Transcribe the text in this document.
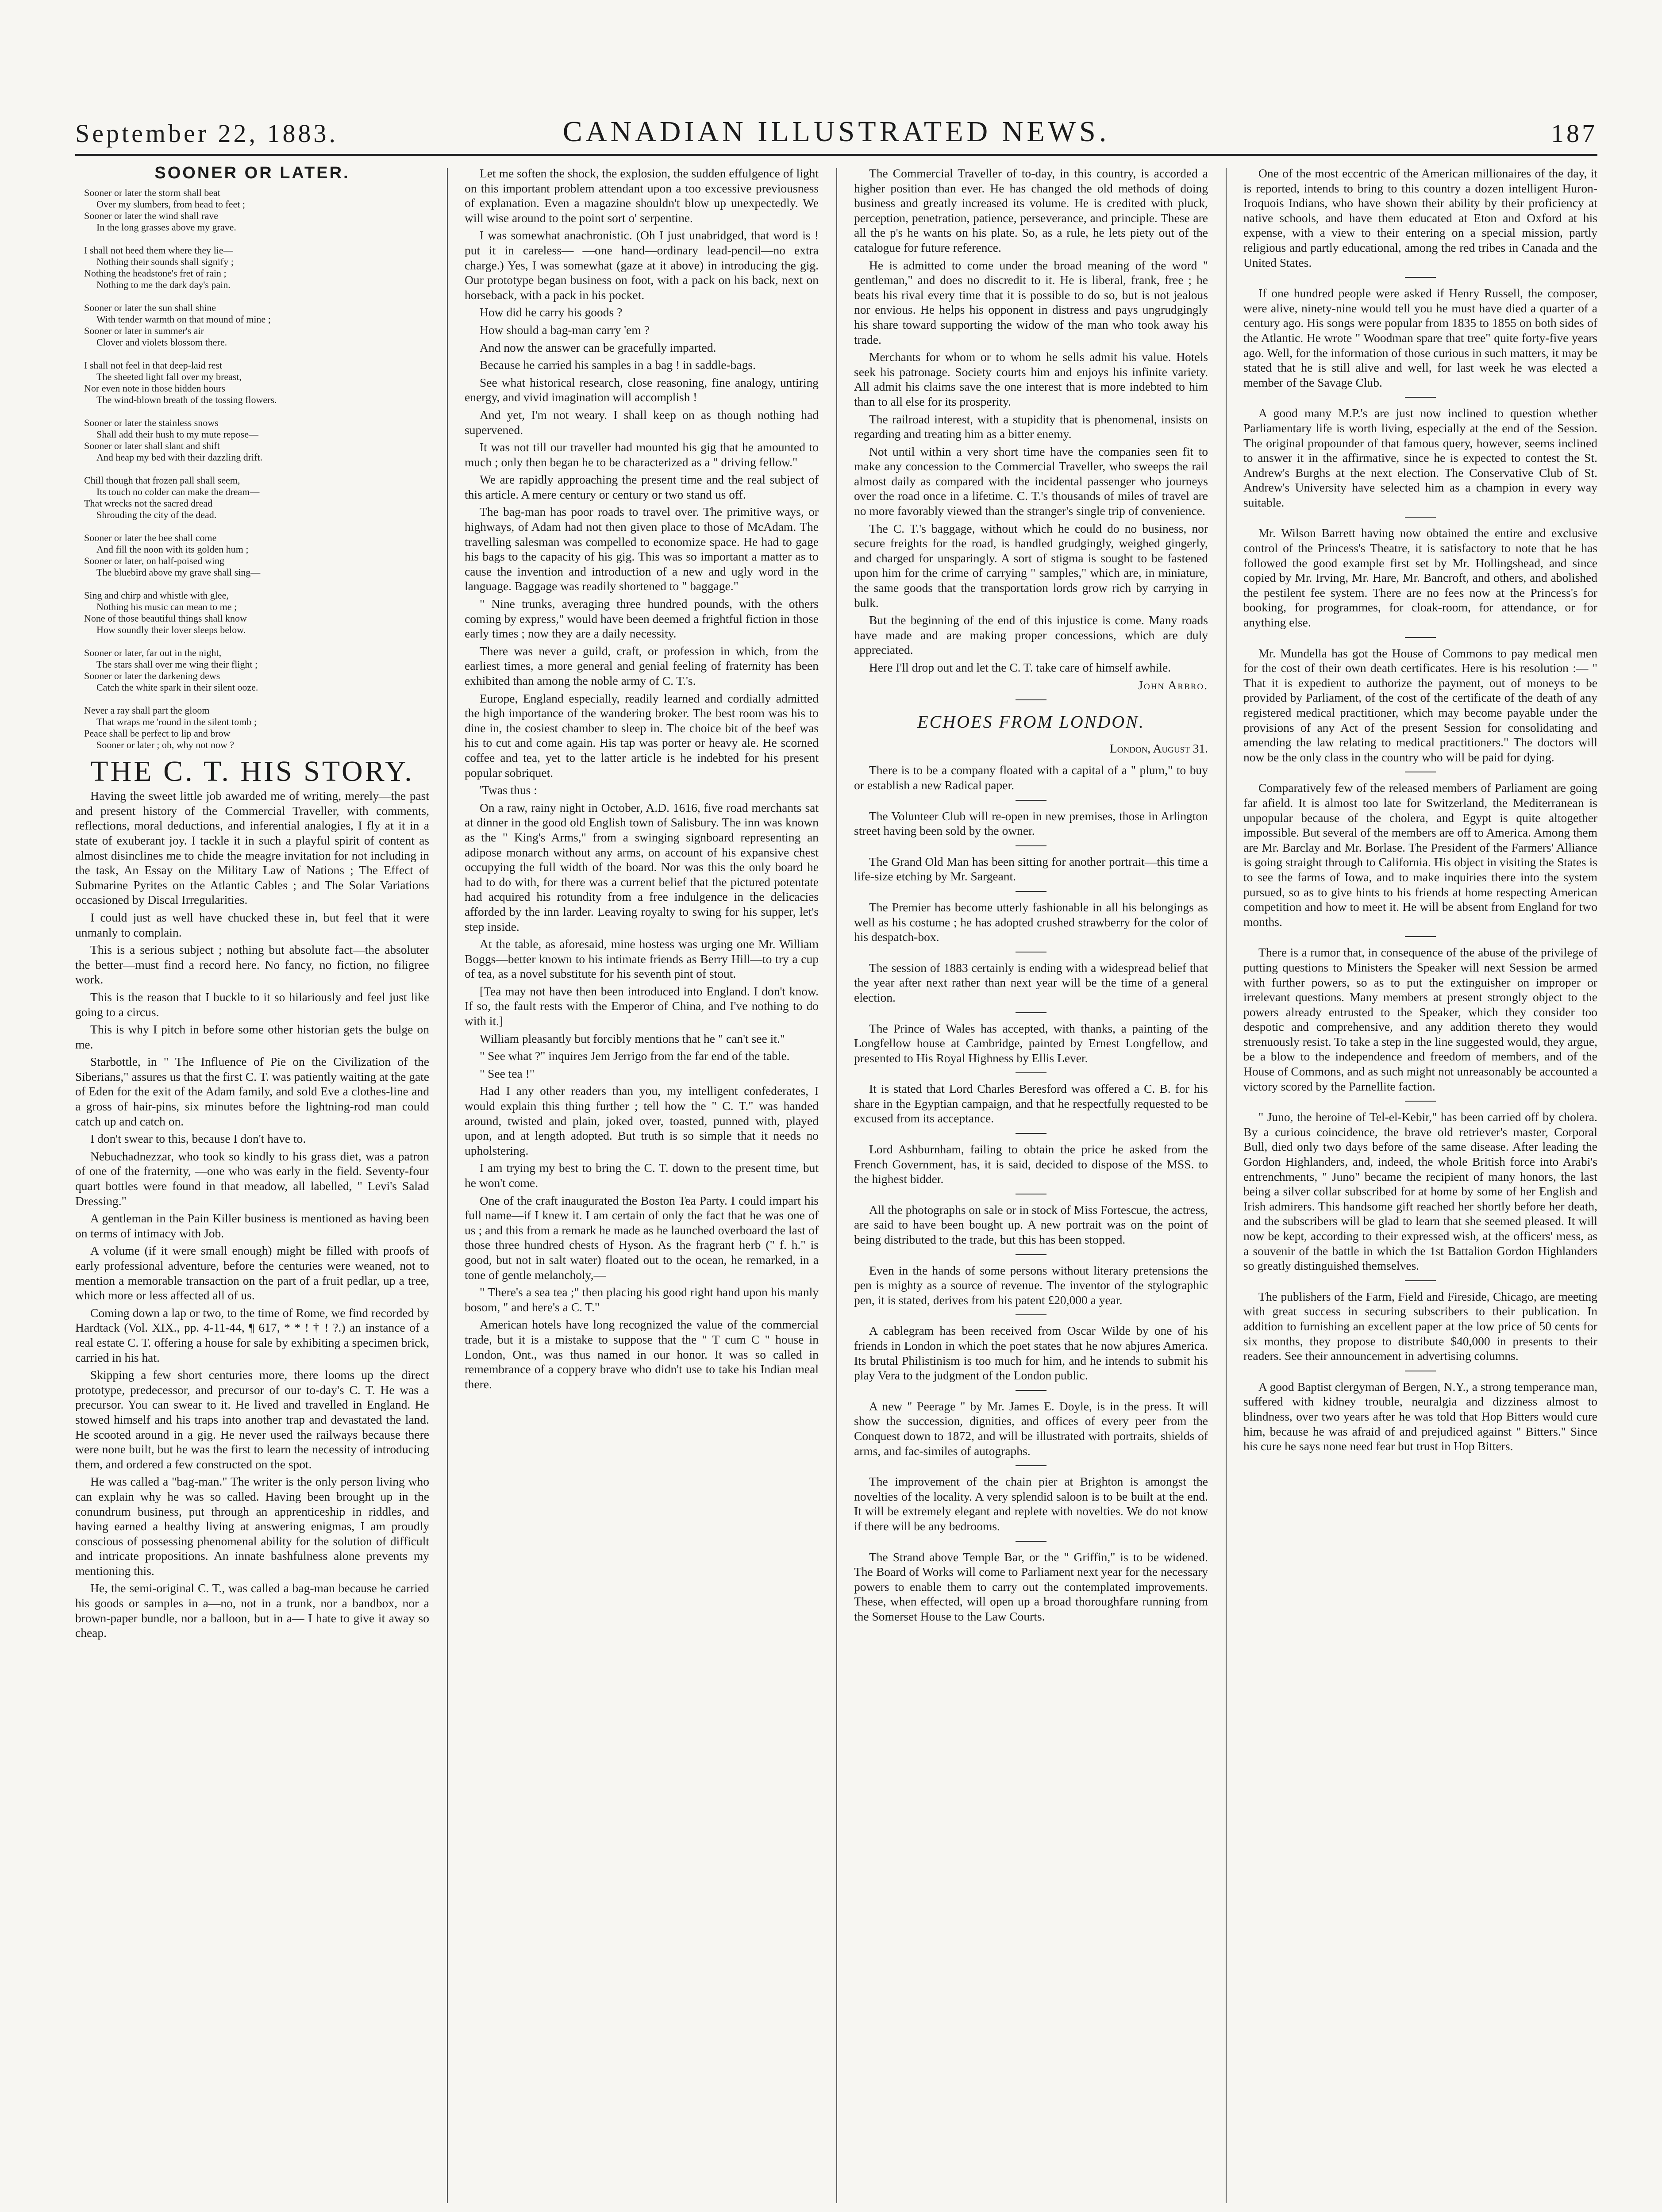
September 22, 1883.	CANADIAN ILLUSTRATED NEWS.	187
SOONER OR LATER.
Sooner or later the storm shall beat
Over my slumbers, from head to feet ;
Sooner or later the wind shall rave
In the long grasses above my grave.
I shall not heed them where they lie—
Nothing their sounds shall signify ;
Nothing the headstone's fret of rain ;
Nothing to me the dark day's pain.
Sooner or later the sun shall shine
With tender warmth on that mound of mine ;
Sooner or later in summer's air
Clover and violets blossom there.
I shall not feel in that deep-laid rest
The sheeted light fall over my breast,
Nor even note in those hidden hours
The wind-blown breath of the tossing flowers.
Sooner or later the stainless snows
Shall add their hush to my mute repose—
Sooner or later shall slant and shift
And heap my bed with their dazzling drift.
Chill though that frozen pall shall seem,
Its touch no colder can make the dream—
That wrecks not the sacred dread
Shrouding the city of the dead.
Sooner or later the bee shall come
And fill the noon with its golden hum ;
Sooner or later, on half-poised wing
The bluebird above my grave shall sing—
Sing and chirp and whistle with glee,
Nothing his music can mean to me ;
None of those beautiful things shall know
How soundly their lover sleeps below.
Sooner or later, far out in the night,
The stars shall over me wing their flight ;
Sooner or later the darkening dews
Catch the white spark in their silent ooze.
Never a ray shall part the gloom
That wraps me 'round in the silent tomb ;
Peace shall be perfect to lip and brow
Sooner or later ; oh, why not now ?
THE C. T. HIS STORY.

Having the sweet little job awarded me of writing, merely—the past and present history of the Commercial Traveller, with comments, reflections, moral deductions, and inferential analogies, I fly at it in a state of exuberant joy. I tackle it in such a playful spirit of content as almost disinclines me to chide the meagre invitation for not including in the task, An Essay on the Military Law of Nations ; The Effect of Submarine Pyrites on the Atlantic Cables ; and The Solar Variations occasioned by Discal Irregularities.

I could just as well have chucked these in, but feel that it were unmanly to complain.

This is a serious subject ; nothing but absolute fact—the absoluter the better—must find a record here. No fancy, no fiction, no filigree work.

This is the reason that I buckle to it so hilariously and feel just like going to a circus.

This is why I pitch in before some other historian gets the bulge on me.

Starbottle, in " The Influence of Pie on the Civilization of the Siberians," assures us that the first C. T. was patiently waiting at the gate of Eden for the exit of the Adam family, and sold Eve a clothes-line and a gross of hair-pins, six minutes before the lightning-rod man could catch up and catch on.

I don't swear to this, because I don't have to.

Nebuchadnezzar, who took so kindly to his grass diet, was a patron of one of the fraternity, —one who was early in the field. Seventy-four quart bottles were found in that meadow, all labelled, " Levi's Salad Dressing."

A gentleman in the Pain Killer business is mentioned as having been on terms of intimacy with Job.

A volume (if it were small enough) might be filled with proofs of early professional adventure, before the centuries were weaned, not to mention a memorable transaction on the part of a fruit pedlar, up a tree, which more or less affected all of us.

Coming down a lap or two, to the time of Rome, we find recorded by Hardtack (Vol. XIX., pp. 4-11-44, ¶ 617, * * ! † ! ?.) an instance of a real estate C. T. offering a house for sale by exhibiting a specimen brick, carried in his hat.

Skipping a few short centuries more, there looms up the direct prototype, predecessor, and precursor of our to-day's C. T. He was a precursor. You can swear to it. He lived and travelled in England. He stowed himself and his traps into another trap and devastated the land. He scooted around in a gig. He never used the railways because there were none built, but he was the first to learn the necessity of introducing them, and ordered a few constructed on the spot.

He was called a "bag-man." The writer is the only person living who can explain why he was so called. Having been brought up in the conundrum business, put through an apprenticeship in riddles, and having earned a healthy living at answering enigmas, I am proudly conscious of possessing phenomenal ability for the solution of difficult and intricate propositions. An innate bashfulness alone prevents my mentioning this.

He, the semi-original C. T., was called a bag-man because he carried his goods or samples in a—no, not in a trunk, nor a bandbox, nor a brown-paper bundle, nor a balloon, but in a— I hate to give it away so cheap.

Let me soften the shock, the explosion, the sudden effulgence of light on this important problem attendant upon a too excessive previousness of explanation. Even a magazine shouldn't blow up unexpectedly. We will wise around to the point sort o' serpentine.

I was somewhat anachronistic. (Oh I just unabridged, that word is ! put it in careless— —one hand—ordinary lead-pencil—no extra charge.) Yes, I was somewhat (gaze at it above) in introducing the gig. Our prototype began business on foot, with a pack on his back, next on horseback, with a pack in his pocket.

How did he carry his goods ?

How should a bag-man carry 'em ?

And now the answer can be gracefully imparted.

Because he carried his samples in a bag ! in saddle-bags.

See what historical research, close reasoning, fine analogy, untiring energy, and vivid imagination will accomplish !

And yet, I'm not weary. I shall keep on as though nothing had supervened.

It was not till our traveller had mounted his gig that he amounted to much ; only then began he to be characterized as a " driving fellow."

We are rapidly approaching the present time and the real subject of this article. A mere century or century or two stand us off.

The bag-man has poor roads to travel over. The primitive ways, or highways, of Adam had not then given place to those of McAdam. The travelling salesman was compelled to economize space. He had to gage his bags to the capacity of his gig. This was so important a matter as to cause the invention and introduction of a new and ugly word in the language. Baggage was readily shortened to " baggage."

" Nine trunks, averaging three hundred pounds, with the others coming by express," would have been deemed a frightful fiction in those early times ; now they are a daily necessity.

There was never a guild, craft, or profession in which, from the earliest times, a more general and genial feeling of fraternity has been exhibited than among the noble army of C. T.'s.

Europe, England especially, readily learned and cordially admitted the high importance of the wandering broker. The best room was his to dine in, the cosiest chamber to sleep in. The choice bit of the beef was his to cut and come again. His tap was porter or heavy ale. He scorned coffee and tea, yet to the latter article is he indebted for his present popular sobriquet.

'Twas thus :

On a raw, rainy night in October, A.D. 1616, five road merchants sat at dinner in the good old English town of Salisbury. The inn was known as the " King's Arms," from a swinging signboard representing an adipose monarch without any arms, on account of his expansive chest occupying the full width of the board. Nor was this the only board he had to do with, for there was a current belief that the pictured potentate had acquired his rotundity from a free indulgence in the delicacies afforded by the inn larder. Leaving royalty to swing for his supper, let's step inside.

At the table, as aforesaid, mine hostess was urging one Mr. William Boggs—better known to his intimate friends as Berry Hill—to try a cup of tea, as a novel substitute for his seventh pint of stout.

[Tea may not have then been introduced into England. I don't know. If so, the fault rests with the Emperor of China, and I've nothing to do with it.]

William pleasantly but forcibly mentions that he " can't see it."

" See what ?" inquires Jem Jerrigo from the far end of the table.

" See tea !"

Had I any other readers than you, my intelligent confederates, I would explain this thing further ; tell how the " C. T." was handed around, twisted and plain, joked over, toasted, punned with, played upon, and at length adopted. But truth is so simple that it needs no upholstering.

I am trying my best to bring the C. T. down to the present time, but he won't come.

One of the craft inaugurated the Boston Tea Party. I could impart his full name—if I knew it. I am certain of only the fact that he was one of us ; and this from a remark he made as he launched overboard the last of those three hundred chests of Hyson. As the fragrant herb (" f. h." is good, but not in salt water) floated out to the ocean, he remarked, in a tone of gentle melancholy,—

" There's a sea tea ;" then placing his good right hand upon his manly bosom, " and here's a C. T."

American hotels have long recognized the value of the commercial trade, but it is a mistake to suppose that the " T cum C " house in London, Ont., was thus named in our honor. It was so called in remembrance of a coppery brave who didn't use to take his Indian meal there.

The Commercial Traveller of to-day, in this country, is accorded a higher position than ever. He has changed the old methods of doing business and greatly increased its volume. He is credited with pluck, perception, penetration, patience, perseverance, and principle. These are all the p's he wants on his plate. So, as a rule, he lets piety out of the catalogue for future reference.

He is admitted to come under the broad meaning of the word " gentleman," and does no discredit to it. He is liberal, frank, free ; he beats his rival every time that it is possible to do so, but is not jealous nor envious. He helps his opponent in distress and pays ungrudgingly his share toward supporting the widow of the man who took away his trade.

Merchants for whom or to whom he sells admit his value. Hotels seek his patronage. Society courts him and enjoys his infinite variety. All admit his claims save the one interest that is more indebted to him than to all else for its prosperity.

The railroad interest, with a stupidity that is phenomenal, insists on regarding and treating him as a bitter enemy.

Not until within a very short time have the companies seen fit to make any concession to the Commercial Traveller, who sweeps the rail almost daily as compared with the incidental passenger who journeys over the road once in a lifetime. C. T.'s thousands of miles of travel are no more favorably viewed than the stranger's single trip of convenience.

The C. T.'s baggage, without which he could do no business, nor secure freights for the road, is handled grudgingly, weighed gingerly, and charged for unsparingly. A sort of stigma is sought to be fastened upon him for the crime of carrying " samples," which are, in miniature, the same goods that the transportation lords grow rich by carrying in bulk.

But the beginning of the end of this injustice is come. Many roads have made and are making proper concessions, which are duly appreciated.

Here I'll drop out and let the C. T. take care of himself awhile.

John Arbro.
ECHOES FROM LONDON.
London, August 31.

There is to be a company floated with a capital of a " plum," to buy or establish a new Radical paper.

The Volunteer Club will re-open in new premises, those in Arlington street having been sold by the owner.

The Grand Old Man has been sitting for another portrait—this time a life-size etching by Mr. Sargeant.

The Premier has become utterly fashionable in all his belongings as well as his costume ; he has adopted crushed strawberry for the color of his despatch-box.

The session of 1883 certainly is ending with a widespread belief that the year after next rather than next year will be the time of a general election.

The Prince of Wales has accepted, with thanks, a painting of the Longfellow house at Cambridge, painted by Ernest Longfellow, and presented to His Royal Highness by Ellis Lever.

It is stated that Lord Charles Beresford was offered a C. B. for his share in the Egyptian campaign, and that he respectfully requested to be excused from its acceptance.

Lord Ashburnham, failing to obtain the price he asked from the French Government, has, it is said, decided to dispose of the MSS. to the highest bidder.

All the photographs on sale or in stock of Miss Fortescue, the actress, are said to have been bought up. A new portrait was on the point of being distributed to the trade, but this has been stopped.

Even in the hands of some persons without literary pretensions the pen is mighty as a source of revenue. The inventor of the stylographic pen, it is stated, derives from his patent £20,000 a year.

A cablegram has been received from Oscar Wilde by one of his friends in London in which the poet states that he now abjures America. Its brutal Philistinism is too much for him, and he intends to submit his play Vera to the judgment of the London public.

A new " Peerage " by Mr. James E. Doyle, is in the press. It will show the succession, dignities, and offices of every peer from the Conquest down to 1872, and will be illustrated with portraits, shields of arms, and fac-similes of autographs.

The improvement of the chain pier at Brighton is amongst the novelties of the locality. A very splendid saloon is to be built at the end. It will be extremely elegant and replete with novelties. We do not know if there will be any bedrooms.

The Strand above Temple Bar, or the " Griffin," is to be widened. The Board of Works will come to Parliament next year for the necessary powers to enable them to carry out the contemplated improvements. These, when effected, will open up a broad thoroughfare running from the Somerset House to the Law Courts.

One of the most eccentric of the American millionaires of the day, it is reported, intends to bring to this country a dozen intelligent Huron-Iroquois Indians, who have shown their ability by their proficiency at native schools, and have them educated at Eton and Oxford at his expense, with a view to their entering on a special mission, partly religious and partly educational, among the red tribes in Canada and the United States.

If one hundred people were asked if Henry Russell, the composer, were alive, ninety-nine would tell you he must have died a quarter of a century ago. His songs were popular from 1835 to 1855 on both sides of the Atlantic. He wrote " Woodman spare that tree" quite forty-five years ago. Well, for the information of those curious in such matters, it may be stated that he is still alive and well, for last week he was elected a member of the Savage Club.

A good many M.P.'s are just now inclined to question whether Parliamentary life is worth living, especially at the end of the Session. The original propounder of that famous query, however, seems inclined to answer it in the affirmative, since he is expected to contest the St. Andrew's Burghs at the next election. The Conservative Club of St. Andrew's University have selected him as a champion in every way suitable.

Mr. Wilson Barrett having now obtained the entire and exclusive control of the Princess's Theatre, it is satisfactory to note that he has followed the good example first set by Mr. Hollingshead, and since copied by Mr. Irving, Mr. Hare, Mr. Bancroft, and others, and abolished the pestilent fee system. There are no fees now at the Princess's for booking, for programmes, for cloak-room, for attendance, or for anything else.

Mr. Mundella has got the House of Commons to pay medical men for the cost of their own death certificates. Here is his resolution :— " That it is expedient to authorize the payment, out of moneys to be provided by Parliament, of the cost of the certificate of the death of any registered medical practitioner, which may become payable under the provisions of any Act of the present Session for consolidating and amending the law relating to medical practitioners." The doctors will now be the only class in the country who will be paid for dying.

Comparatively few of the released members of Parliament are going far afield. It is almost too late for Switzerland, the Mediterranean is unpopular because of the cholera, and Egypt is quite altogether impossible. But several of the members are off to America. Among them are Mr. Barclay and Mr. Borlase. The President of the Farmers' Alliance is going straight through to California. His object in visiting the States is to see the farms of Iowa, and to make inquiries there into the system pursued, so as to give hints to his friends at home respecting American competition and how to meet it. He will be absent from England for two months.

There is a rumor that, in consequence of the abuse of the privilege of putting questions to Ministers the Speaker will next Session be armed with further powers, so as to put the extinguisher on improper or irrelevant questions. Many members at present strongly object to the powers already entrusted to the Speaker, which they consider too despotic and comprehensive, and any addition thereto they would strenuously resist. To take a step in the line suggested would, they argue, be a blow to the independence and freedom of members, and of the House of Commons, and as such might not unreasonably be accounted a victory scored by the Parnellite faction.

" Juno, the heroine of Tel-el-Kebir," has been carried off by cholera. By a curious coincidence, the brave old retriever's master, Corporal Bull, died only two days before of the same disease. After leading the Gordon Highlanders, and, indeed, the whole British force into Arabi's entrenchments, " Juno" became the recipient of many honors, the last being a silver collar subscribed for at home by some of her English and Irish admirers. This handsome gift reached her shortly before her death, and the subscribers will be glad to learn that she seemed pleased. It will now be kept, according to their expressed wish, at the officers' mess, as a souvenir of the battle in which the 1st Battalion Gordon Highlanders so greatly distinguished themselves.

The publishers of the Farm, Field and Fireside, Chicago, are meeting with great success in securing subscribers to their publication. In addition to furnishing an excellent paper at the low price of 50 cents for six months, they propose to distribute $40,000 in presents to their readers. See their announcement in advertising columns.

A good Baptist clergyman of Bergen, N.Y., a strong temperance man, suffered with kidney trouble, neuralgia and dizziness almost to blindness, over two years after he was told that Hop Bitters would cure him, because he was afraid of and prejudiced against " Bitters." Since his cure he says none need fear but trust in Hop Bitters.
